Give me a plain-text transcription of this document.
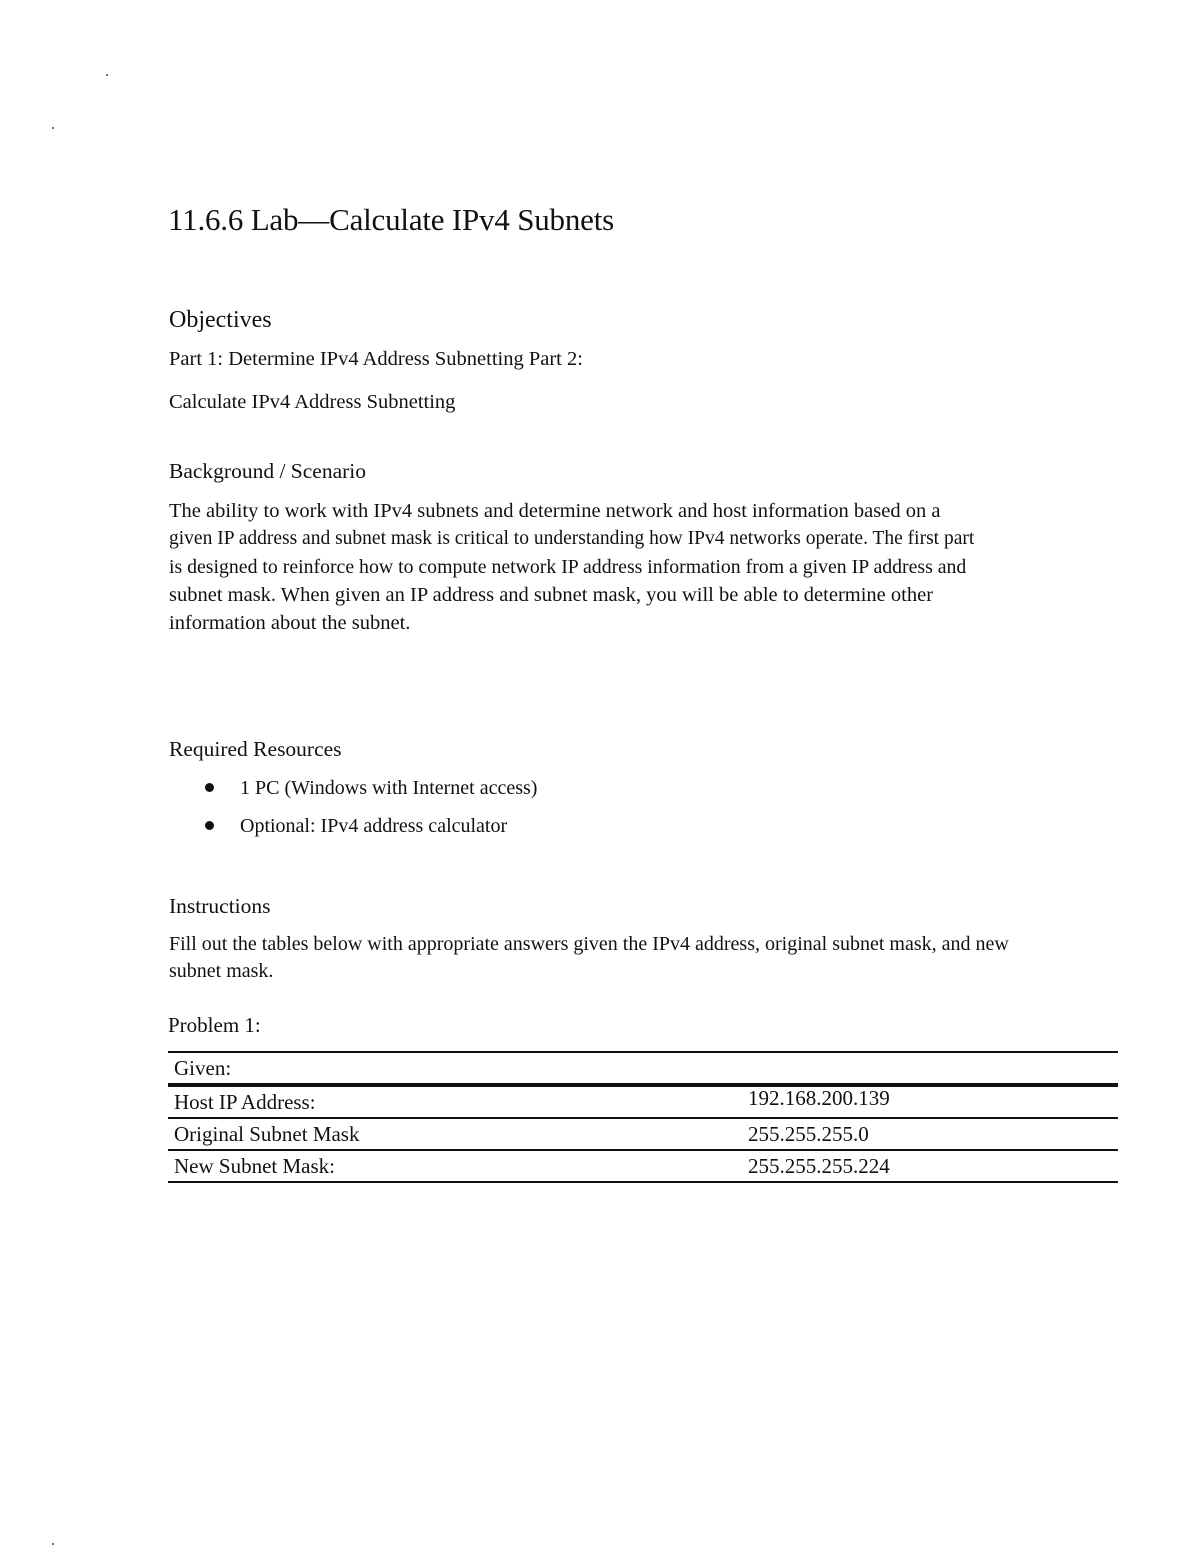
11.6.6 Lab—Calculate IPv4 Subnets
Objectives

Part 1: Determine IPv4 Address Subnetting Part 2:

Calculate IPv4 Address Subnetting

Background / Scenario
The ability to work with IPv4 subnets and determine network and host information based on a
given IP address and subnet mask is critical to understanding how IPv4 networks operate. The first part
is designed to reinforce how to compute network IP address information from a given IP address and
subnet mask. When given an IP address and subnet mask, you will be able to determine other
information about the subnet.
Required Resources
1 PC (Windows with Internet access)
Optional: IPv4 address calculator
Instructions
Fill out the tables below with appropriate answers given the IPv4 address, original subnet mask, and new
subnet mask.

Problem 1:

Given:	
Host IP Address:	192.168.200.139
Original Subnet Mask	255.255.255.0
New Subnet Mask:	255.255.255.224
